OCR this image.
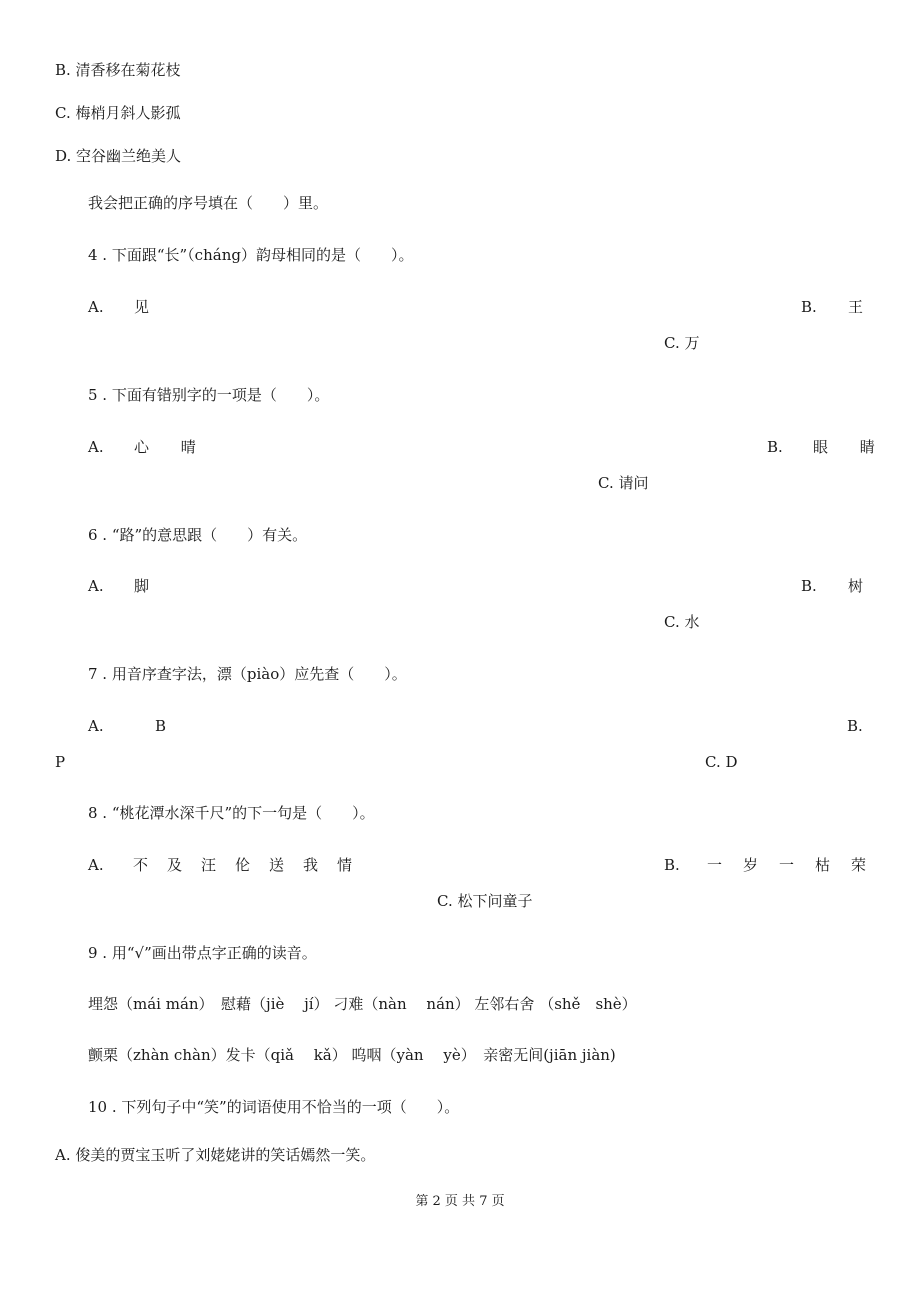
B. 清香移在菊花枝
C. 梅梢月斜人影孤
D. 空谷幽兰绝美人
我会把正确的序号填在（　　）里。
4 . 下面跟“长”（cháng）韵母相同的是（　　）。
A. 见	B. 王
C. 万
5 . 下面有错别字的一项是（　　）。
A. 心 晴	B. 眼 睛
C. 请问
6 . “路”的意思跟（　　）有关。
A. 脚	B. 树
C. 水
7 . 用音序查字法，漂（piào）应先查（　　）。
A.	B	B.
P	C. D
8 . “桃花潭水深千尺”的下一句是（　　）。
A. 不及汪伦送我情	B. 一岁一枯荣
C. 松下问童子
9 . 用“√”画出带点字正确的读音。
埋怨（mái mán）　慰藉（jiè　 jí） 刁难（nàn　 nán） 左邻右舍 （shě　shè）
颤栗（zhàn chàn）发卡（qiǎ　 kǎ） 呜咽（yàn　 yè）　亲密无间(jiān jiàn)
10 . 下列句子中“笑”的词语使用不恰当的一项（　　）。
A. 俊美的贾宝玉听了刘姥姥讲的笑话嫣然一笑。
第 2 页 共 7 页
